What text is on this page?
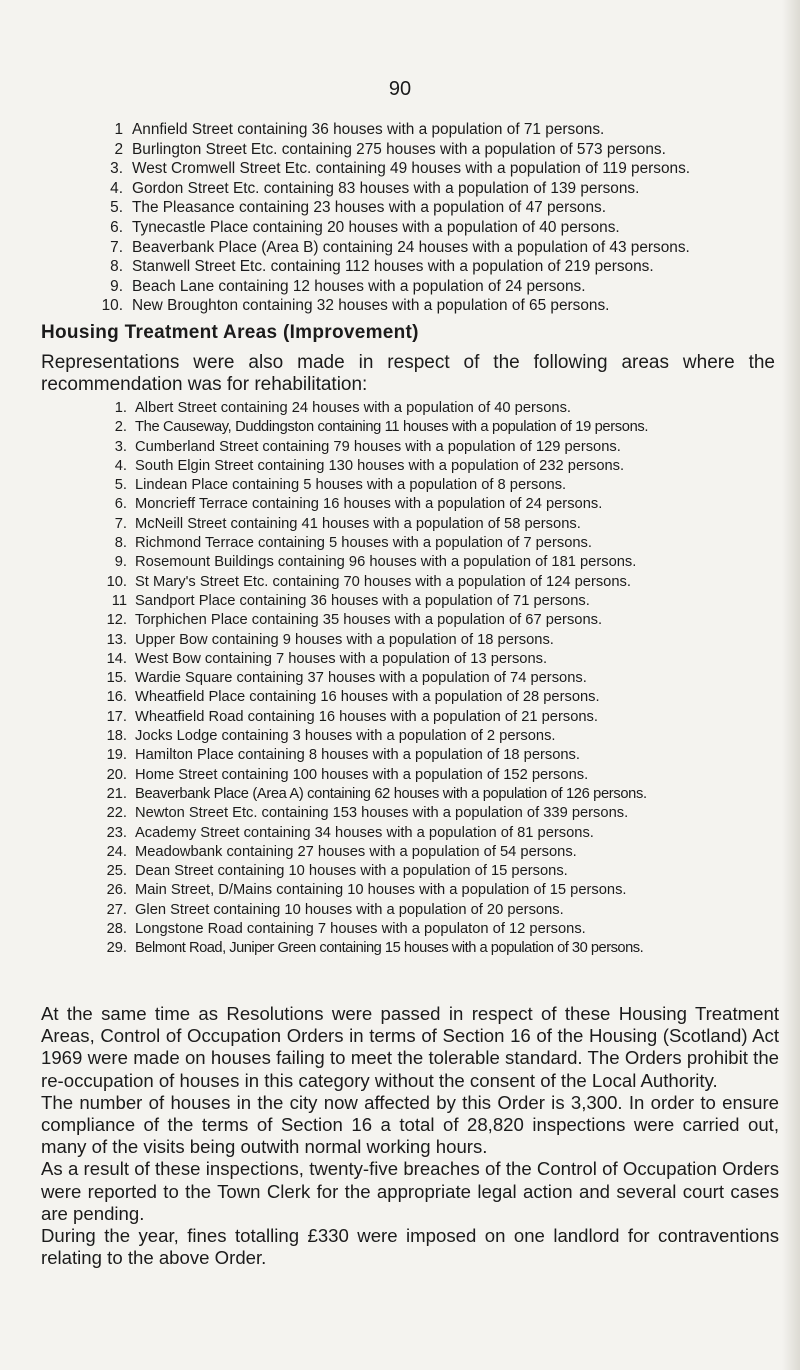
90
1 Annfield Street containing 36 houses with a population of 71 persons.
2 Burlington Street Etc. containing 275 houses with a population of 573 persons.
3. West Cromwell Street Etc. containing 49 houses with a population of 119 persons.
4. Gordon Street Etc. containing 83 houses with a population of 139 persons.
5. The Pleasance containing 23 houses with a population of 47 persons.
6. Tynecastle Place containing 20 houses with a population of 40 persons.
7. Beaverbank Place (Area B) containing 24 houses with a population of 43 persons.
8. Stanwell Street Etc. containing 112 houses with a population of 219 persons.
9. Beach Lane containing 12 houses with a population of 24 persons.
10. New Broughton containing 32 houses with a population of 65 persons.
Housing Treatment Areas (Improvement)

Representations were also made in respect of the following areas where the recommendation was for rehabilitation:

1. Albert Street containing 24 houses with a population of 40 persons.
2. The Causeway, Duddingston containing 11 houses with a population of 19 persons.
3. Cumberland Street containing 79 houses with a population of 129 persons.
4. South Elgin Street containing 130 houses with a population of 232 persons.
5. Lindean Place containing 5 houses with a population of 8 persons.
6. Moncrieff Terrace containing 16 houses with a population of 24 persons.
7. McNeill Street containing 41 houses with a population of 58 persons.
8. Richmond Terrace containing 5 houses with a population of 7 persons.
9. Rosemount Buildings containing 96 houses with a population of 181 persons.
10. St Mary's Street Etc. containing 70 houses with a population of 124 persons.
11 Sandport Place containing 36 houses with a population of 71 persons.
12. Torphichen Place containing 35 houses with a population of 67 persons.
13. Upper Bow containing 9 houses with a population of 18 persons.
14. West Bow containing 7 houses with a population of 13 persons.
15. Wardie Square containing 37 houses with a population of 74 persons.
16. Wheatfield Place containing 16 houses with a population of 28 persons.
17. Wheatfield Road containing 16 houses with a population of 21 persons.
18. Jocks Lodge containing 3 houses with a population of 2 persons.
19. Hamilton Place containing 8 houses with a population of 18 persons.
20. Home Street containing 100 houses with a population of 152 persons.
21. Beaverbank Place (Area A) containing 62 houses with a population of 126 persons.
22. Newton Street Etc. containing 153 houses with a population of 339 persons.
23. Academy Street containing 34 houses with a population of 81 persons.
24. Meadowbank containing 27 houses with a population of 54 persons.
25. Dean Street containing 10 houses with a population of 15 persons.
26. Main Street, D/Mains containing 10 houses with a population of 15 persons.
27. Glen Street containing 10 houses with a population of 20 persons.
28. Longstone Road containing 7 houses with a populaton of 12 persons.
29. Belmont Road, Juniper Green containing 15 houses with a population of 30 persons.

At the same time as Resolutions were passed in respect of these Housing Treatment Areas, Control of Occupation Orders in terms of Section 16 of the Housing (Scotland) Act 1969 were made on houses failing to meet the tolerable standard. The Orders prohibit the re-occupation of houses in this category without the consent of the Local Authority.

The number of houses in the city now affected by this Order is 3,300. In order to ensure compliance of the terms of Section 16 a total of 28,820 inspections were carried out, many of the visits being outwith normal working hours.

As a result of these inspections, twenty-five breaches of the Control of Occupation Orders were reported to the Town Clerk for the appropriate legal action and several court cases are pending.

During the year, fines totalling £330 were imposed on one landlord for contraventions relating to the above Order.
